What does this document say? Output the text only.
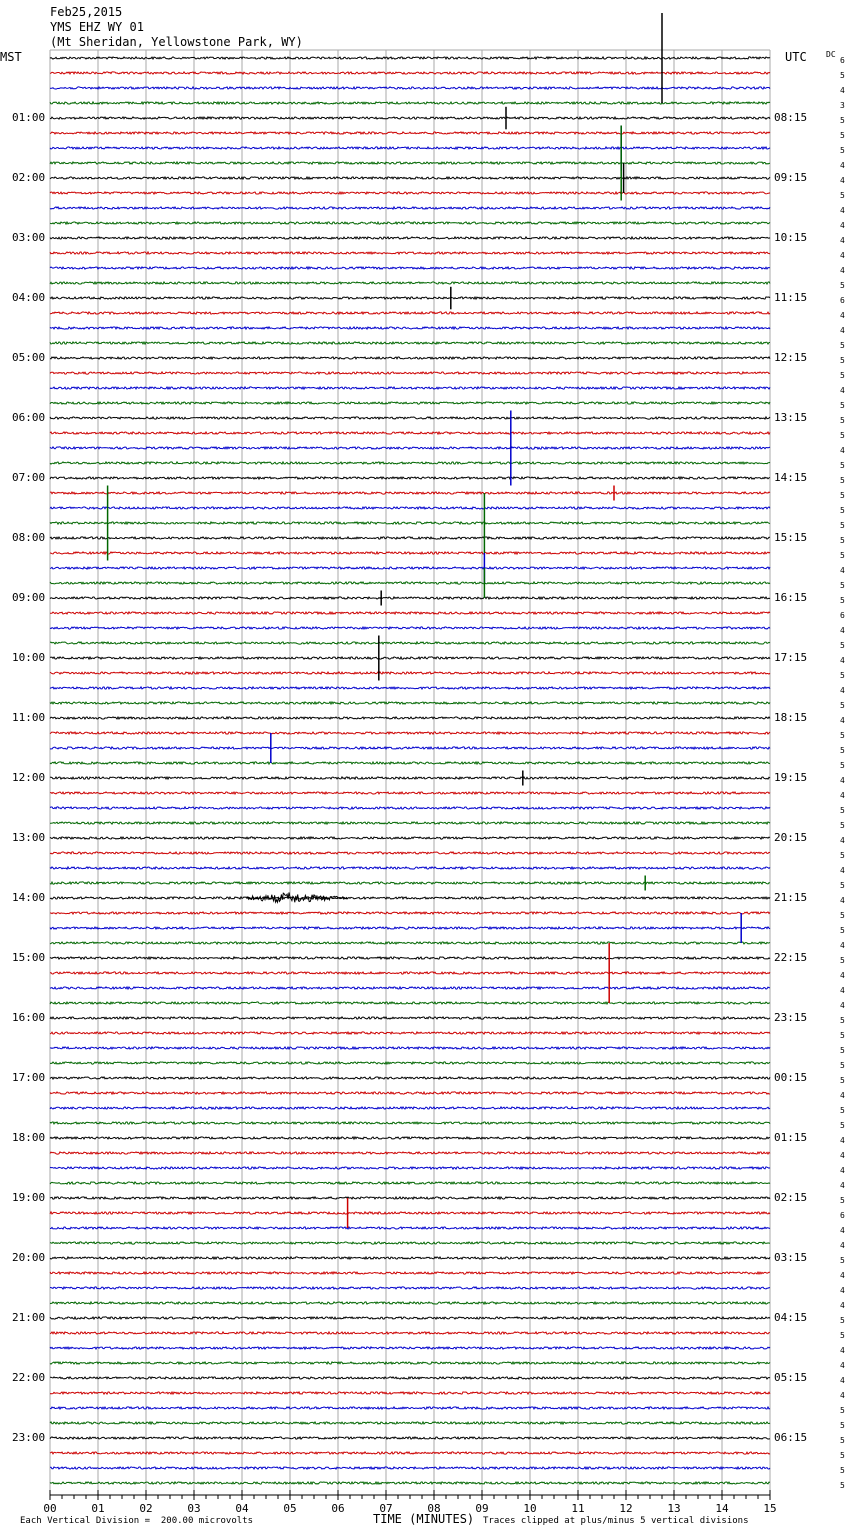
00	01	02	03	04	05	06	07	08	09	10	11	12	13	14	15
Feb25,2015
YMS EHZ WY 01
(Mt Sheridan, Yellowstone Park, WY)
MST	UTC DC
01:00
02:00
03:00
04:00
05:00
06:00
07:00
08:00
09:00
10:00
11:00
12:00
13:00
14:00
15:00
16:00
17:00
18:00
19:00
20:00
21:00
22:00
23:00
08:15
09:15
10:15
11:15
12:15
13:15
14:15
15:15
16:15
17:15
18:15
19:15
20:15
21:15
22:15
23:15
00:15
01:15
02:15
03:15
04:15
05:15
06:15
6
5
4
3
5
5
5
4
4
5
4
4
4
4
4
5
6
4
4
5
5
5
4
5
5
5
4
5
5
5
5
5
5
5
4
5
5
6
4
5
4
5
4
5
4
5
5
5
4
4
5
5
4
5
4
5
4
5
5
4
5
4
4
4
5
5
5
5
5
4
5
5
4
4
4
4
5
6
4
4
5
4
4
4
5
5
4
4
4
4
5
5
5
5
5
5
Each Vertical Division =  200.00 microvolts	TIME (MINUTES) Traces clipped at plus/minus 5 vertical divisions
